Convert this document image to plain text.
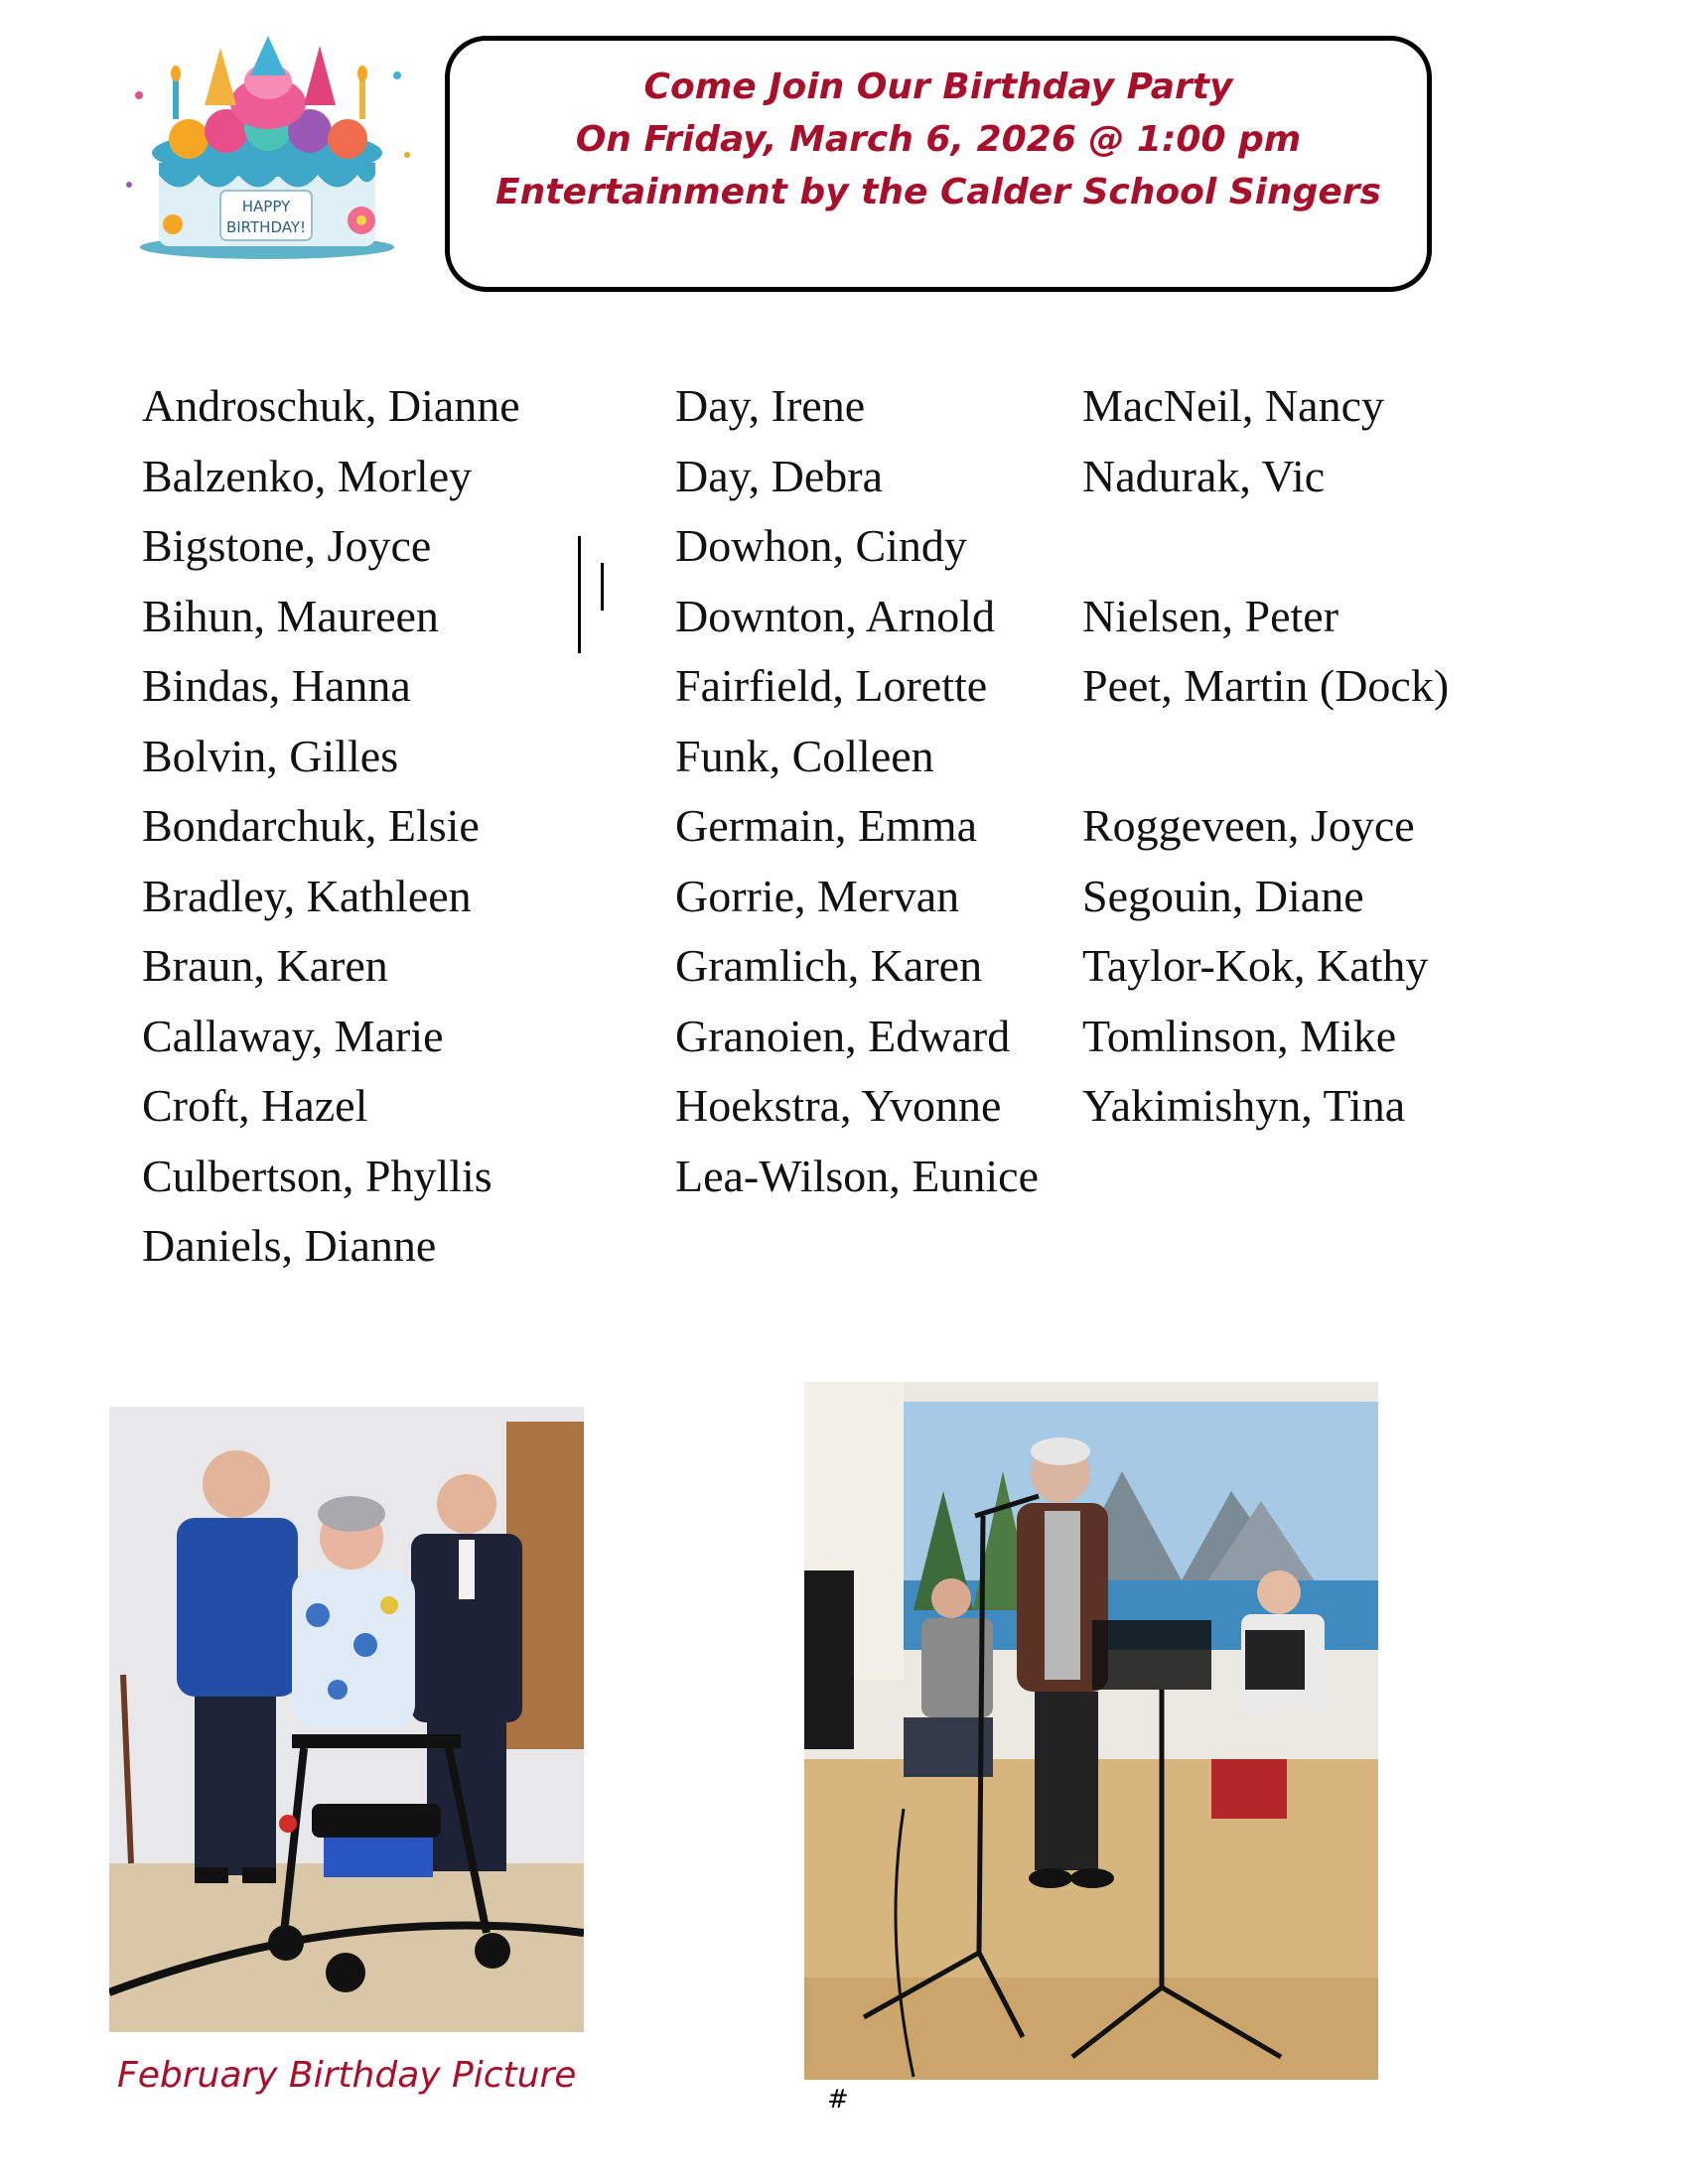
HAPPY
BIRTHDAY!
Come Join Our Birthday Party
On Friday, March 6, 2026 @ 1:00 pm
Entertainment by the Calder School Singers
Androschuk, Dianne
Balzenko, Morley
Bigstone, Joyce
Bihun, Maureen
Bindas, Hanna
Bolvin, Gilles
Bondarchuk, Elsie
Bradley, Kathleen
Braun, Karen
Callaway, Marie
Croft, Hazel
Culbertson, Phyllis
Daniels, Dianne
Day, Irene
Day, Debra
Dowhon, Cindy
Downton, Arnold
Fairfield, Lorette
Funk, Colleen
Germain, Emma
Gorrie, Mervan
Gramlich, Karen
Granoien, Edward
Hoekstra, Yvonne
Lea-Wilson, Eunice
MacNeil, Nancy
Nadurak, Vic
Nielsen, Peter
Peet, Martin (Dock)
Roggeveen, Joyce
Segouin, Diane
Taylor-Kok, Kathy
Tomlinson, Mike
Yakimishyn, Tina
February Birthday Picture
#
